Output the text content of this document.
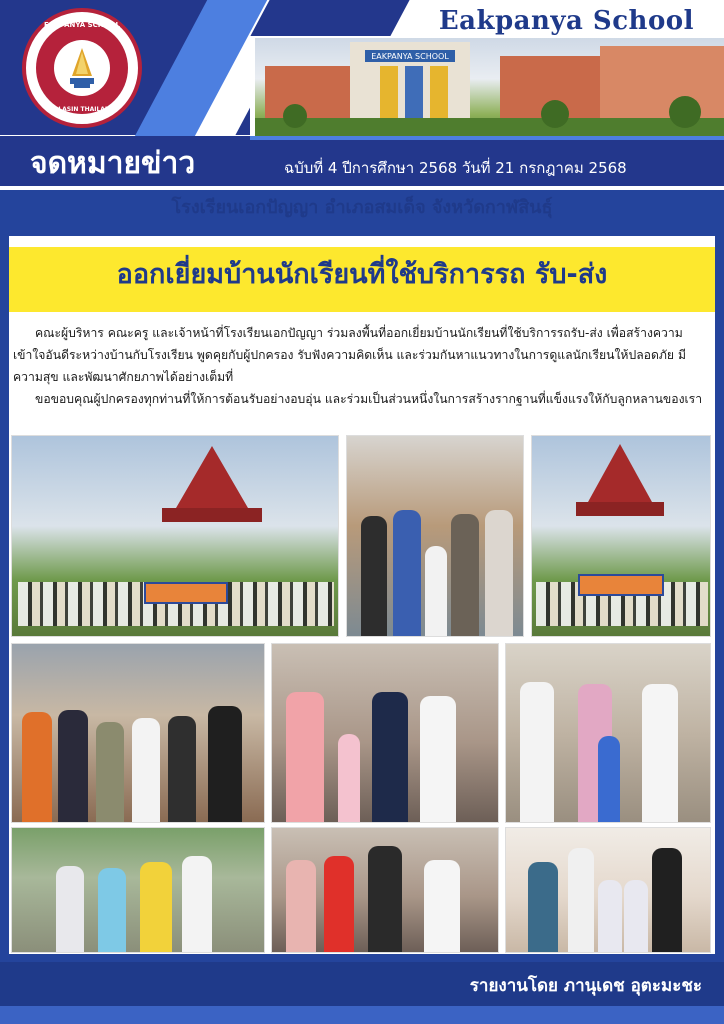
EAKPANYA SCHOOL
Eakpanya School
EAKPANYA SCHOOL
KALASIN THAILAND
จดหมายข่าว	ฉบับที่ 4 ปีการศึกษา 2568 วันที่ 21 กรกฎาคม 2568
โรงเรียนเอกปัญญา อำเภอสมเด็จ จังหวัดกาฬสินธุ์
ออกเยี่ยมบ้านนักเรียนที่ใช้บริการรถ รับ-ส่ง

คณะผู้บริหาร คณะครู และเจ้าหน้าที่โรงเรียนเอกปัญญา ร่วมลงพื้นที่ออกเยี่ยมบ้านนักเรียนที่ใช้บริการรถรับ-ส่ง เพื่อสร้างความเข้าใจอันดีระหว่างบ้านกับโรงเรียน พูดคุยกับผู้ปกครอง รับฟังความคิดเห็น และร่วมกันหาแนวทางในการดูแลนักเรียนให้ปลอดภัย มีความสุข และพัฒนาศักยภาพได้อย่างเต็มที่

ขอขอบคุณผู้ปกครองทุกท่านที่ให้การต้อนรับอย่างอบอุ่น และร่วมเป็นส่วนหนึ่งในการสร้างรากฐานที่แข็งแรงให้กับลูกหลานของเรา

รายงานโดย ภานุเดช อุตะมะชะ
